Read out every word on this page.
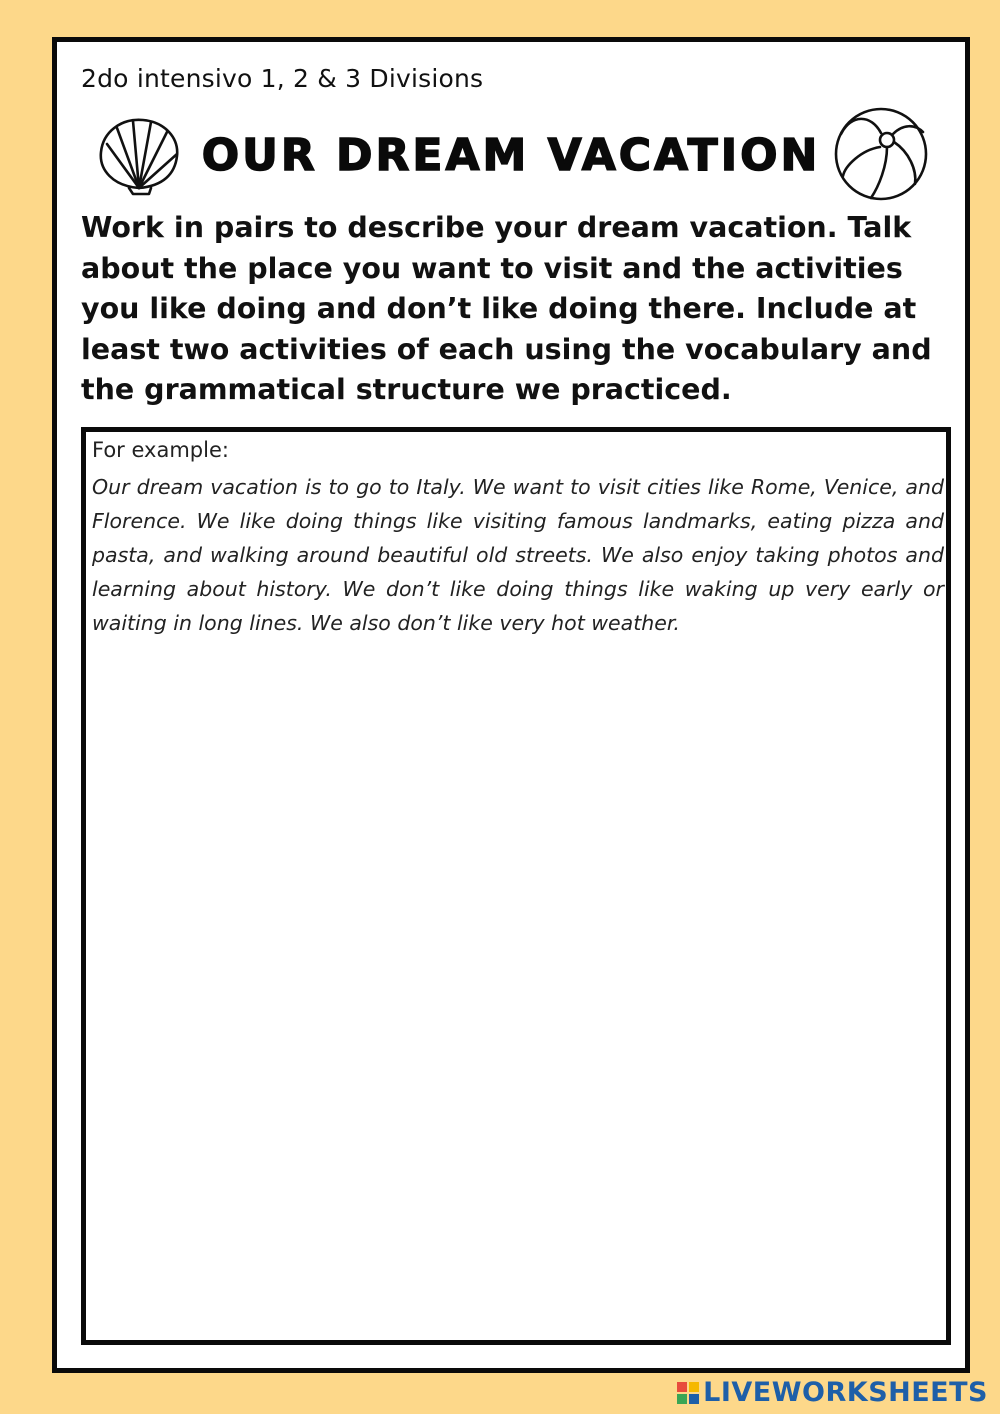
2do intensivo 1, 2 & 3 Divisions
OUR DREAM VACATION
Work in pairs to describe your dream vacation. Talk about the place you want to visit and the activities you like doing and don’t like doing there. Include at least two activities of each using the vocabulary and the grammatical structure we practiced.
For example:
Our dream vacation is to go to Italy. We want to visit cities like Rome, Venice, and Florence. We like doing things like visiting famous landmarks, eating pizza and pasta, and walking around beautiful old streets. We also enjoy taking photos and learning about history. We don’t like doing things like waking up very early or waiting in long lines. We also don’t like very hot weather.
LIVEWORKSHEETS
